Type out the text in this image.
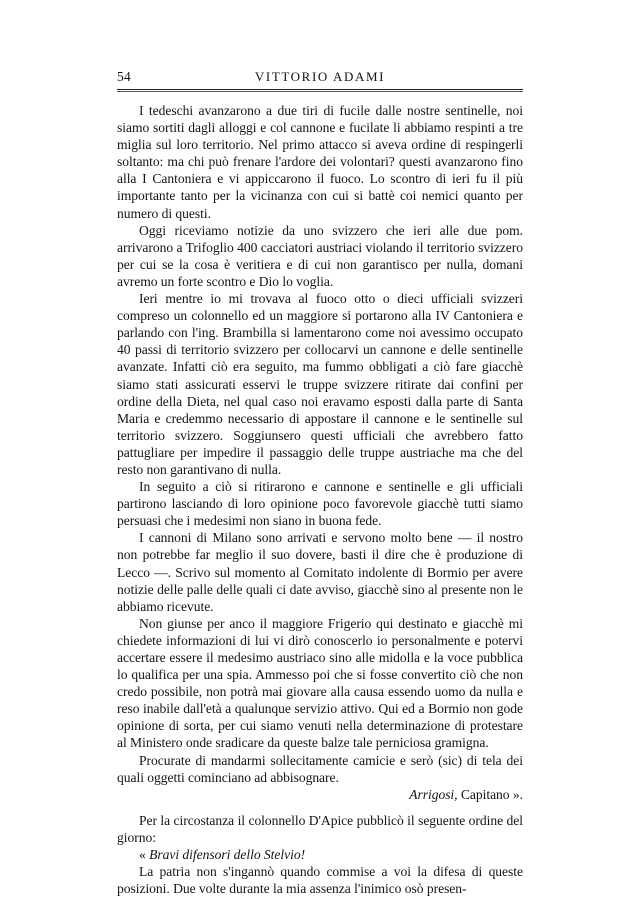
54	VITTORIO ADAMI

I tedeschi avanzarono a due tiri di fucile dalle nostre sentinelle, noi siamo sortiti dagli alloggi e col cannone e fucilate li abbiamo respinti a tre miglia sul loro territorio. Nel primo attacco si aveva ordine di respingerli soltanto: ma chi può frenare l'ardore dei volontari? questi avanzarono fino alla I Cantoniera e vi appiccarono il fuoco. Lo scontro di ieri fu il più importante tanto per la vicinanza con cui si battè coi nemici quanto per numero di questi.

Oggi riceviamo notizie da uno svizzero che ieri alle due pom. arrivarono a Trifoglio 400 cacciatori austriaci violando il territorio svizzero per cui se la cosa è veritiera e di cui non garantisco per nulla, domani avremo un forte scontro e Dio lo voglia.

Ieri mentre io mi trovava al fuoco otto o dieci ufficiali svizzeri compreso un colonnello ed un maggiore si portarono alla IV Cantoniera e parlando con l'ing. Brambilla si lamentarono come noi avessimo occupato 40 passi di territorio svizzero per collocarvi un cannone e delle sentinelle avanzate. Infatti ciò era seguito, ma fummo obbligati a ciò fare giacchè siamo stati assicurati esservi le truppe svizzere ritirate dai confini per ordine della Dieta, nel qual caso noi eravamo esposti dalla parte di Santa Maria e credemmo necessario di appostare il cannone e le sentinelle sul territorio svizzero. Soggiunsero questi ufficiali che avrebbero fatto pattugliare per impedire il passaggio delle truppe austriache ma che del resto non garantivano di nulla.

In seguito a ciò si ritirarono e cannone e sentinelle e gli ufficiali partirono lasciando di loro opinione poco favorevole giacchè tutti siamo persuasi che i medesimi non siano in buona fede.

I cannoni di Milano sono arrivati e servono molto bene — il nostro non potrebbe far meglio il suo dovere, basti il dire che è produzione di Lecco —. Scrivo sul momento al Comitato indolente di Bormio per avere notizie delle palle delle quali ci date avviso, giacchè sino al presente non le abbiamo ricevute.

Non giunse per anco il maggiore Frigerio qui destinato e giacchè mi chiedete informazioni di lui vi dirò conoscerlo io personalmente e potervi accertare essere il medesimo austriaco sino alle midolla e la voce pubblica lo qualifica per una spia. Ammesso poi che si fosse convertito ciò che non credo possibile, non potrà mai giovare alla causa essendo uomo da nulla e reso inabile dall'età a qualunque servizio attivo. Qui ed a Bormio non gode opinione di sorta, per cui siamo venuti nella determinazione di protestare al Ministero onde sradicare da queste balze tale perniciosa gramigna.

Procurate di mandarmi sollecitamente camicie e serò (sic) di tela dei quali oggetti cominciano ad abbisognare.

Arrigosi, Capitano ».

Per la circostanza il colonnello D'Apice pubblicò il seguente ordine del giorno:

« Bravi difensori dello Stelvio!

La patria non s'ingannò quando commise a voi la difesa di queste posizioni. Due volte durante la mia assenza l'inimico osò presen-
